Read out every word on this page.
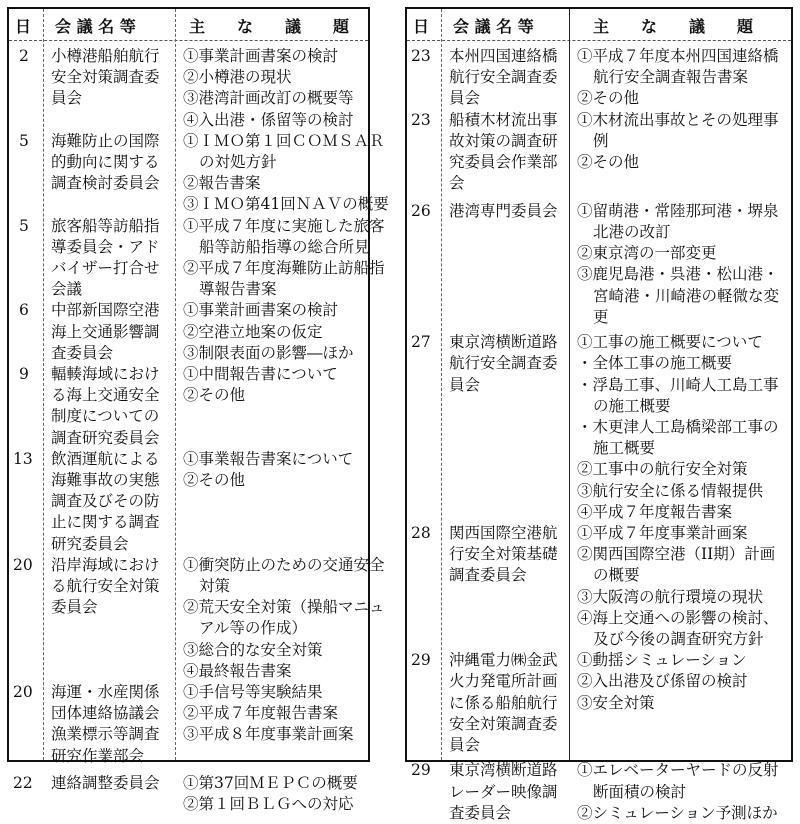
日 会 議 名 等	主　　な　　議　　題
2 小樽港船舶航行
安全対策調査委
員会
①事業計画書案の検討
②小樽港の現状
③港湾計画改訂の概要等
④入出港・係留等の検討
5 海難防止の国際
的動向に関する
調査検討委員会
①ＩＭＯ第１回ＣＯＭＳＡＲ
の対処方針
②報告書案
③ＩＭＯ第41回ＮＡＶの概要
5 旅客船等訪船指
導委員会・アド
バイザー打合せ
会議
①平成７年度に実施した旅客
船等訪船指導の総合所見
②平成７年度海難防止訪船指
導報告書案
6 中部新国際空港
海上交通影響調
査委員会
①事業計画書案の検討
②空港立地案の仮定
③制限表面の影響―ほか
9 輻輳海域におけ
る海上交通安全
制度についての
調査研究委員会
①中間報告書について
②その他
13 飲酒運航による
海難事故の実態
調査及びその防
止に関する調査
研究委員会
①事業報告書案について
②その他
20 沿岸海域におけ
る航行安全対策
委員会
①衝突防止のための交通安全
対策
②荒天安全対策（操船マニュ
アル等の作成）
③総合的な安全対策
④最終報告書案
20 海運・水産関係
団体連絡協議会
漁業標示等調査
研究作業部会
①手信号等実験結果
②平成７年度報告書案
③平成８年度事業計画案
22 連絡調整委員会 ①第37回ＭＥＰＣの概要
②第１回ＢＬＧへの対応
日 会 議 名 等	主　　な　　議　　題
23 本州四国連絡橋
航行安全調査委
員会
①平成７年度本州四国連絡橋
航行安全調査報告書案
②その他
23 船積木材流出事
故対策の調査研
究委員会作業部
会
①木材流出事故とその処理事
例
②その他
26 港湾専門委員会 ①留萌港・常陸那珂港・堺泉
北港の改訂
②東京湾の一部変更
③鹿児島港・呉港・松山港・
宮崎港・川崎港の軽微な変
更
27 東京湾横断道路
航行安全調査委
員会
①工事の施工概要について
・全体工事の施工概要
・浮島工事、川崎人工島工事
の施工概要
・木更津人工島橋梁部工事の
施工概要
②工事中の航行安全対策
③航行安全に係る情報提供
④平成７年度報告書案
28 関西国際空港航
行安全対策基礎
調査委員会
①平成７年度事業計画案
②関西国際空港（II期）計画
の概要
③大阪湾の航行環境の現状
④海上交通への影響の検討、
及び今後の調査研究方針
29 沖縄電力㈱金武
火力発電所計画
に係る船舶航行
安全対策調査委
員会
①動揺シミュレーション
②入出港及び係留の検討
③安全対策
29 東京湾横断道路
レーダー映像調
査委員会
①エレベーターヤードの反射
断面積の検討
②シミュレーション予測ほか
